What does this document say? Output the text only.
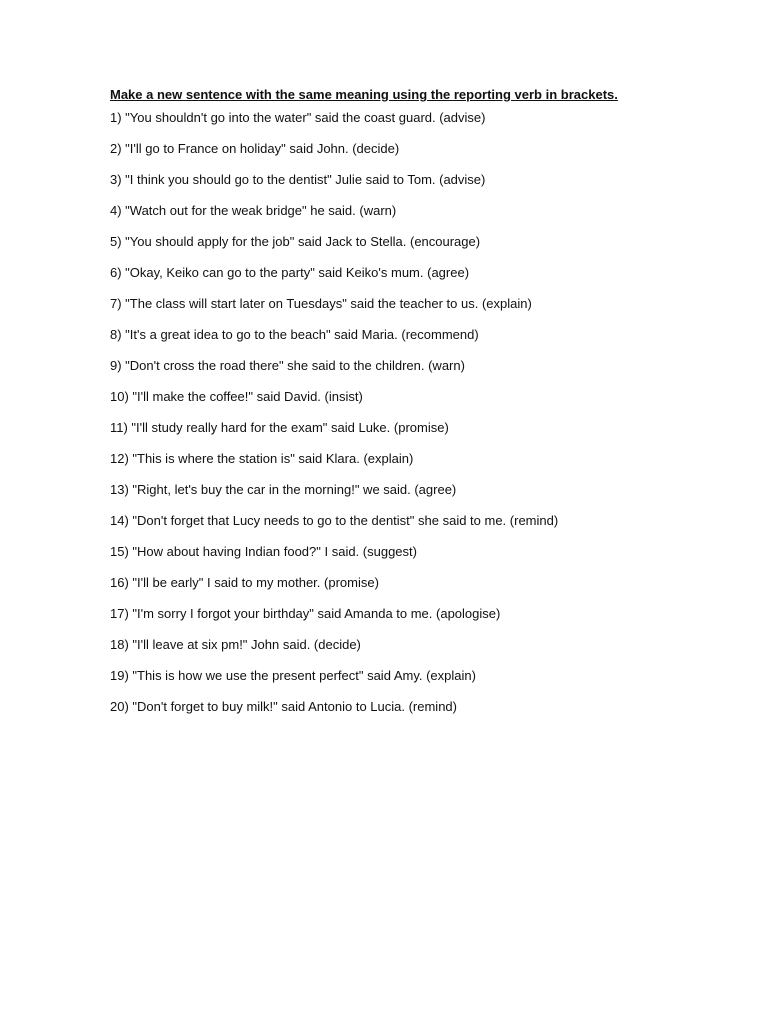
Make a new sentence with the same meaning using the reporting verb in brackets.
1) "You shouldn't go into the water" said the coast guard. (advise)
2) "I'll go to France on holiday" said John. (decide)
3) "I think you should go to the dentist" Julie said to Tom. (advise)
4) "Watch out for the weak bridge" he said. (warn)
5) "You should apply for the job" said Jack to Stella. (encourage)
6) "Okay, Keiko can go to the party" said Keiko's mum. (agree)
7) "The class will start later on Tuesdays" said the teacher to us. (explain)
8) "It's a great idea to go to the beach" said Maria. (recommend)
9) "Don't cross the road there" she said to the children. (warn)
10) "I'll make the coffee!" said David. (insist)
11) "I'll study really hard for the exam" said Luke. (promise)
12) "This is where the station is" said Klara. (explain)
13) "Right, let's buy the car in the morning!" we said. (agree)
14) "Don't forget that Lucy needs to go to the dentist" she said to me. (remind)
15) "How about having Indian food?" I said. (suggest)
16) "I'll be early" I said to my mother. (promise)
17) "I'm sorry I forgot your birthday" said Amanda to me. (apologise)
18) "I'll leave at six pm!" John said. (decide)
19) "This is how we use the present perfect" said Amy. (explain)
20) "Don't forget to buy milk!" said Antonio to Lucia. (remind)
